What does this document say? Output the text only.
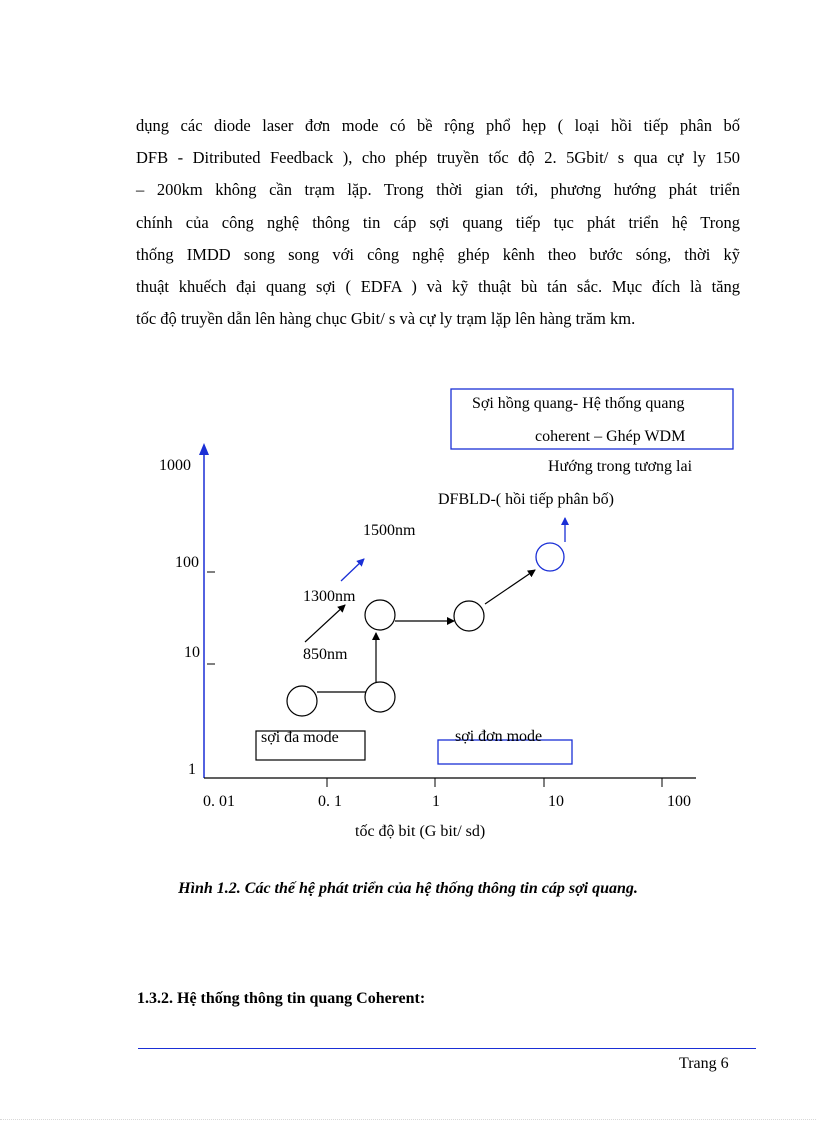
dụng các diode laser đơn mode có bề rộng phổ hẹp ( loại hồi tiếp phân bố
DFB - Ditributed Feedback ), cho phép truyền tốc độ 2. 5Gbit/ s qua cự ly 150
– 200km không cần trạm lặp. Trong thời gian tới, phương hướng phát triển
chính của công nghệ thông tin cáp sợi quang tiếp tục phát triển hệ Trong
thống IMDD song song với công nghệ ghép kênh theo bước sóng, thời kỹ
thuật khuếch đại quang sợi ( EDFA ) và kỹ thuật bù tán sắc. Mục đích là tăng
tốc độ truyền dẫn lên hàng chục Gbit/ s và cự ly trạm lặp lên hàng trăm km.
1000
100
10
1
0. 01	0. 1	1	10	100
tốc độ bit (G bit/ sd)
Sợi hồng quang- Hệ thống quang
coherent – Ghép WDM
Hướng trong tương lai
DFBLD-( hồi tiếp phân bố)
1500nm
1300nm
850nm
sợi đa mode	sợi đơn mode
Hình 1.2. Các thế hệ phát triển của hệ thống thông tin cáp sợi quang.
1.3.2. Hệ thống thông tin quang Coherent:
Trang 6
